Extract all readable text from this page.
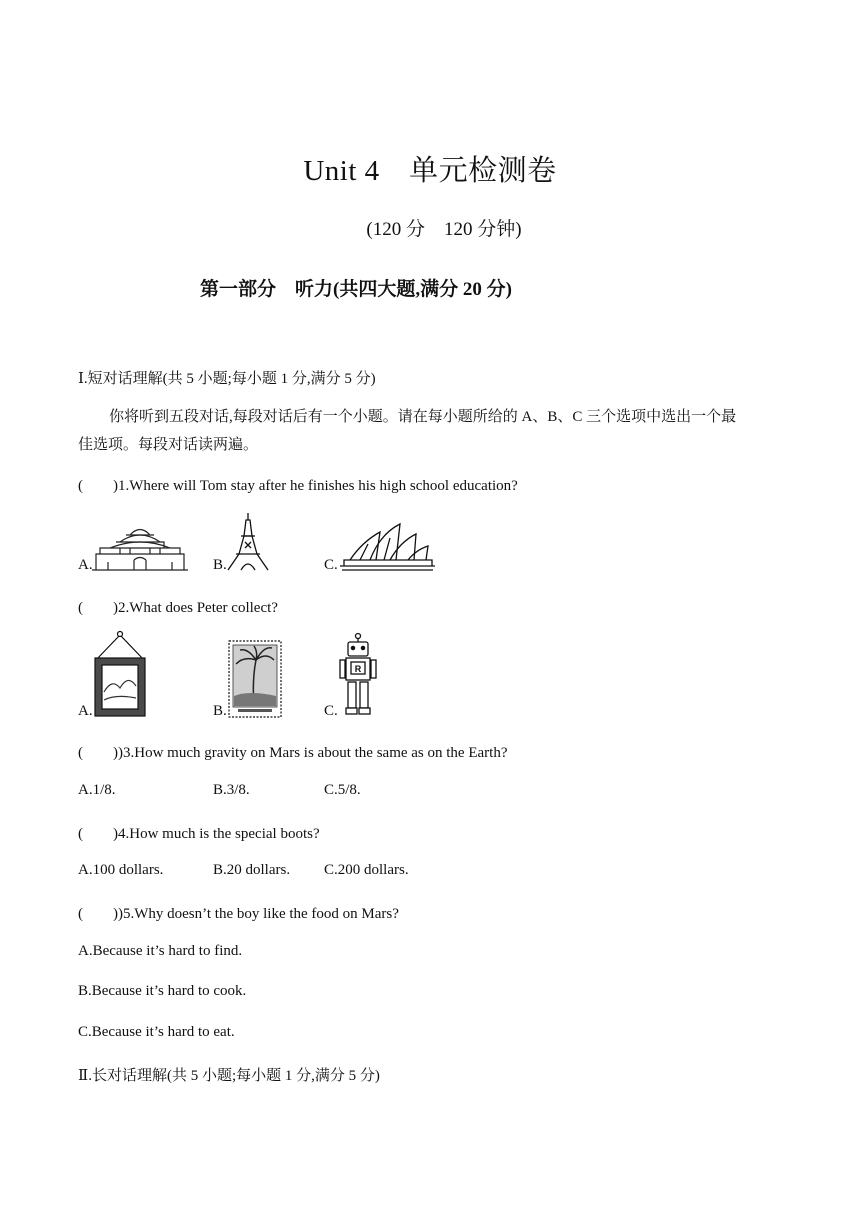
Unit 4　单元检测卷
(120 分　120 分钟)
第一部分　听力(共四大题,满分 20 分)
Ⅰ.短对话理解(共 5 小题;每小题 1 分,满分 5 分)
你将听到五段对话,每段对话后有一个小题。请在每小题所给的 A、B、C 三个选项中选出一个最
佳选项。每段对话读两遍。
(　　)1.Where will Tom stay after he finishes his high school education?
A.	B.	C.
(　　)2.What does Peter collect?
A.	B.	C.
R
(　　))3.How much gravity on Mars is about the same as on the Earth?
A.1/8.	B.3/8.	C.5/8.
(　　)4.How much is the special boots?
A.100 dollars.	B.20 dollars. C.200 dollars.
(　　))5.Why doesn’t the boy like the food on Mars?
A.Because it’s hard to find.
B.Because it’s hard to cook.
C.Because it’s hard to eat.
Ⅱ.长对话理解(共 5 小题;每小题 1 分,满分 5 分)
